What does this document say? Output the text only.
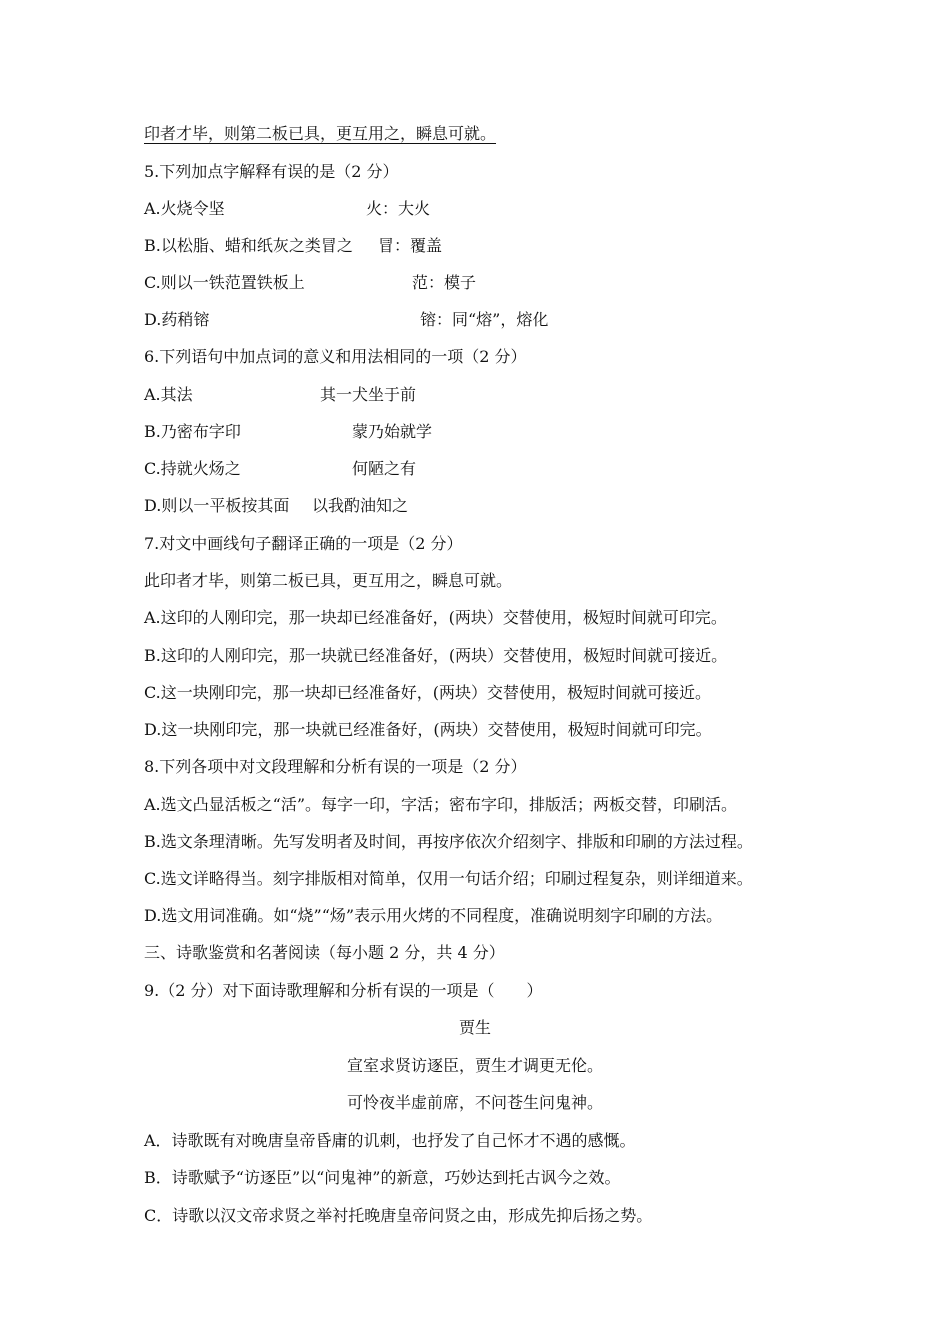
印者才毕，则第二板已具，更互用之，瞬息可就。
5.下列加点字解释有误的是（2 分）
A.火烧令坚	火：大火
B.以松脂、蜡和纸灰之类冒之 冒：覆盖
C.则以一铁范置铁板上	范：模子
D.药稍镕	镕：同“熔”，熔化
6.下列语句中加点词的意义和用法相同的一项（2 分）
A.其法	其一犬坐于前
B.乃密布字印	蒙乃始就学
C.持就火炀之	何陋之有
D.则以一平板按其面 以我酌油知之
7.对文中画线句子翻译正确的一项是（2 分）
此印者才毕，则第二板已具，更互用之，瞬息可就。
A.这印的人刚印完，那一块却已经准备好，(两块）交替使用，极短时间就可印完。
B.这印的人刚印完，那一块就已经准备好，(两块）交替使用，极短时间就可接近。
C.这一块刚印完，那一块却已经准备好，(两块）交替使用，极短时间就可接近。
D.这一块刚印完，那一块就已经准备好，(两块）交替使用，极短时间就可印完。
8.下列各项中对文段理解和分析有误的一项是（2 分）
A.选文凸显活板之“活”。每字一印，字活；密布字印，排版活；两板交替，印刷活。
B.选文条理清晰。先写发明者及时间，再按序依次介绍刻字、排版和印刷的方法过程。
C.选文详略得当。刻字排版相对简单，仅用一句话介绍；印刷过程复杂，则详细道来。
D.选文用词准确。如“烧”“炀”表示用火烤的不同程度，准确说明刻字印刷的方法。
三、诗歌鉴赏和名著阅读（每小题 2 分，共 4 分）
9.（2 分）对下面诗歌理解和分析有误的一项是（　　）
贾生
宣室求贤访逐臣，贾生才调更无伦。
可怜夜半虚前席，不问苍生问鬼神。
A．诗歌既有对晚唐皇帝昏庸的讥刺，也抒发了自己怀才不遇的感慨。
B．诗歌赋予“访逐臣”以“问鬼神”的新意，巧妙达到托古讽今之效。
C．诗歌以汉文帝求贤之举衬托晚唐皇帝问贤之由，形成先抑后扬之势。
